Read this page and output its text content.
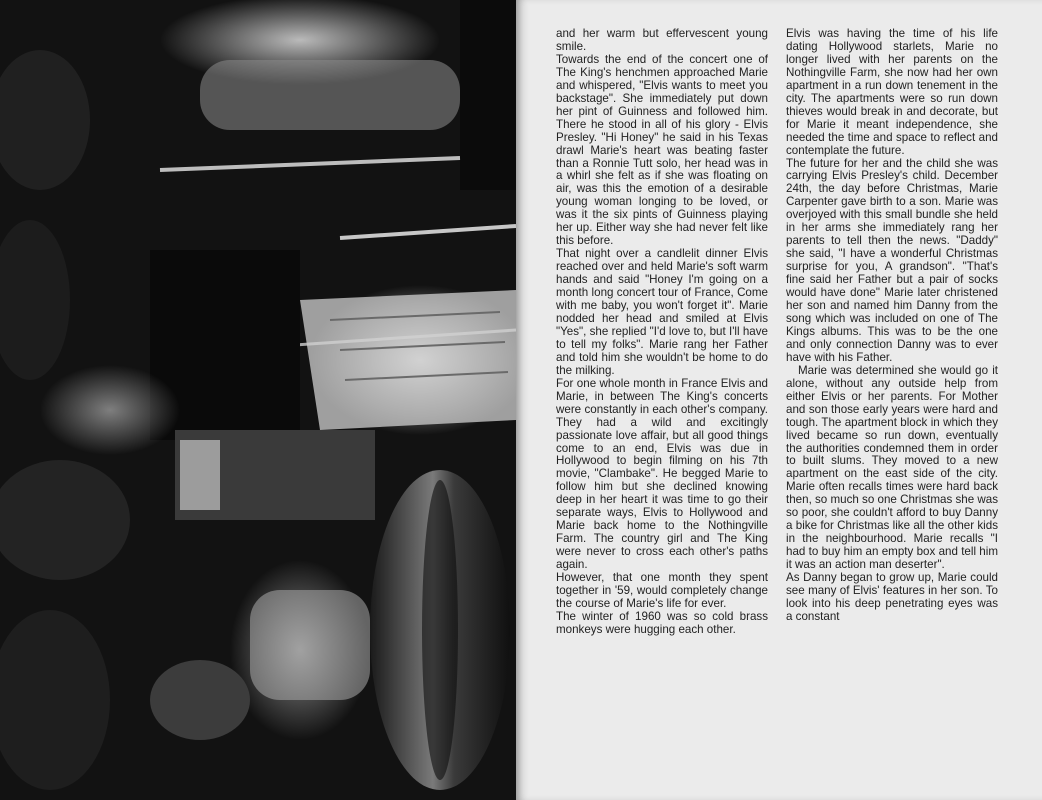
and her warm but effervescent young smile.

Towards the end of the concert one of The King's henchmen approached Marie and whispered, "Elvis wants to meet you backstage". She immediately put down her pint of Guinness and followed him. There he stood in all of his glory - Elvis Presley. "Hi Honey" he said in his Texas drawl Marie's heart was beating faster than a Ronnie Tutt solo, her head was in a whirl she felt as if she was floating on air, was this the emotion of a desirable young woman longing to be loved, or was it the six pints of Guinness playing her up. Either way she had never felt like this before.

That night over a candlelit dinner Elvis reached over and held Marie's soft warm hands and said "Honey I'm going on a month long concert tour of France, Come with me baby, you won't forget it". Marie nodded her head and smiled at Elvis "Yes", she replied "I'd love to, but I'll have to tell my folks". Marie rang her Father and told him she wouldn't be home to do the milking.

For one whole month in France Elvis and Marie, in between The King's concerts were constantly in each other's company. They had a wild and excitingly passionate love affair, but all good things come to an end, Elvis was due in Hollywood to begin filming on his 7th movie, "Clambake". He begged Marie to follow him but she declined knowing deep in her heart it was time to go their separate ways, Elvis to Hollywood and Marie back home to the Nothingville Farm. The country girl and The King were never to cross each other's paths again.

However, that one month they spent together in '59, would completely change the course of Marie's life for ever.

The winter of 1960 was so cold brass monkeys were hugging each other.

Elvis was having the time of his life dating Hollywood starlets, Marie no longer lived with her parents on the Nothingville Farm, she now had her own apartment in a run down tenement in the city. The apartments were so run down thieves would break in and decorate, but for Marie it meant independence, she needed the time and space to reflect and contemplate the future.

The future for her and the child she was carrying Elvis Presley's child. December 24th, the day before Christmas, Marie Carpenter gave birth to a son. Marie was overjoyed with this small bundle she held in her arms she immediately rang her parents to tell then the news. "Daddy" she said, "I have a wonderful Christmas surprise for you, A grandson". "That's fine said her Father but a pair of socks would have done" Marie later christened her son and named him Danny from the song which was included on one of The Kings albums. This was to be the one and only connection Danny was to ever have with his Father.

Marie was determined she would go it alone, without any outside help from either Elvis or her parents. For Mother and son those early years were hard and tough. The apartment block in which they lived became so run down, eventually the authorities condemned them in order to built slums. They moved to a new apartment on the east side of the city. Marie often recalls times were hard back then, so much so one Christmas she was so poor, she couldn't afford to buy Danny a bike for Christmas like all the other kids in the neighbourhood. Marie recalls "I had to buy him an empty box and tell him it was an action man deserter".

As Danny began to grow up, Marie could see many of Elvis' features in her son. To look into his deep penetrating eyes was a constant
